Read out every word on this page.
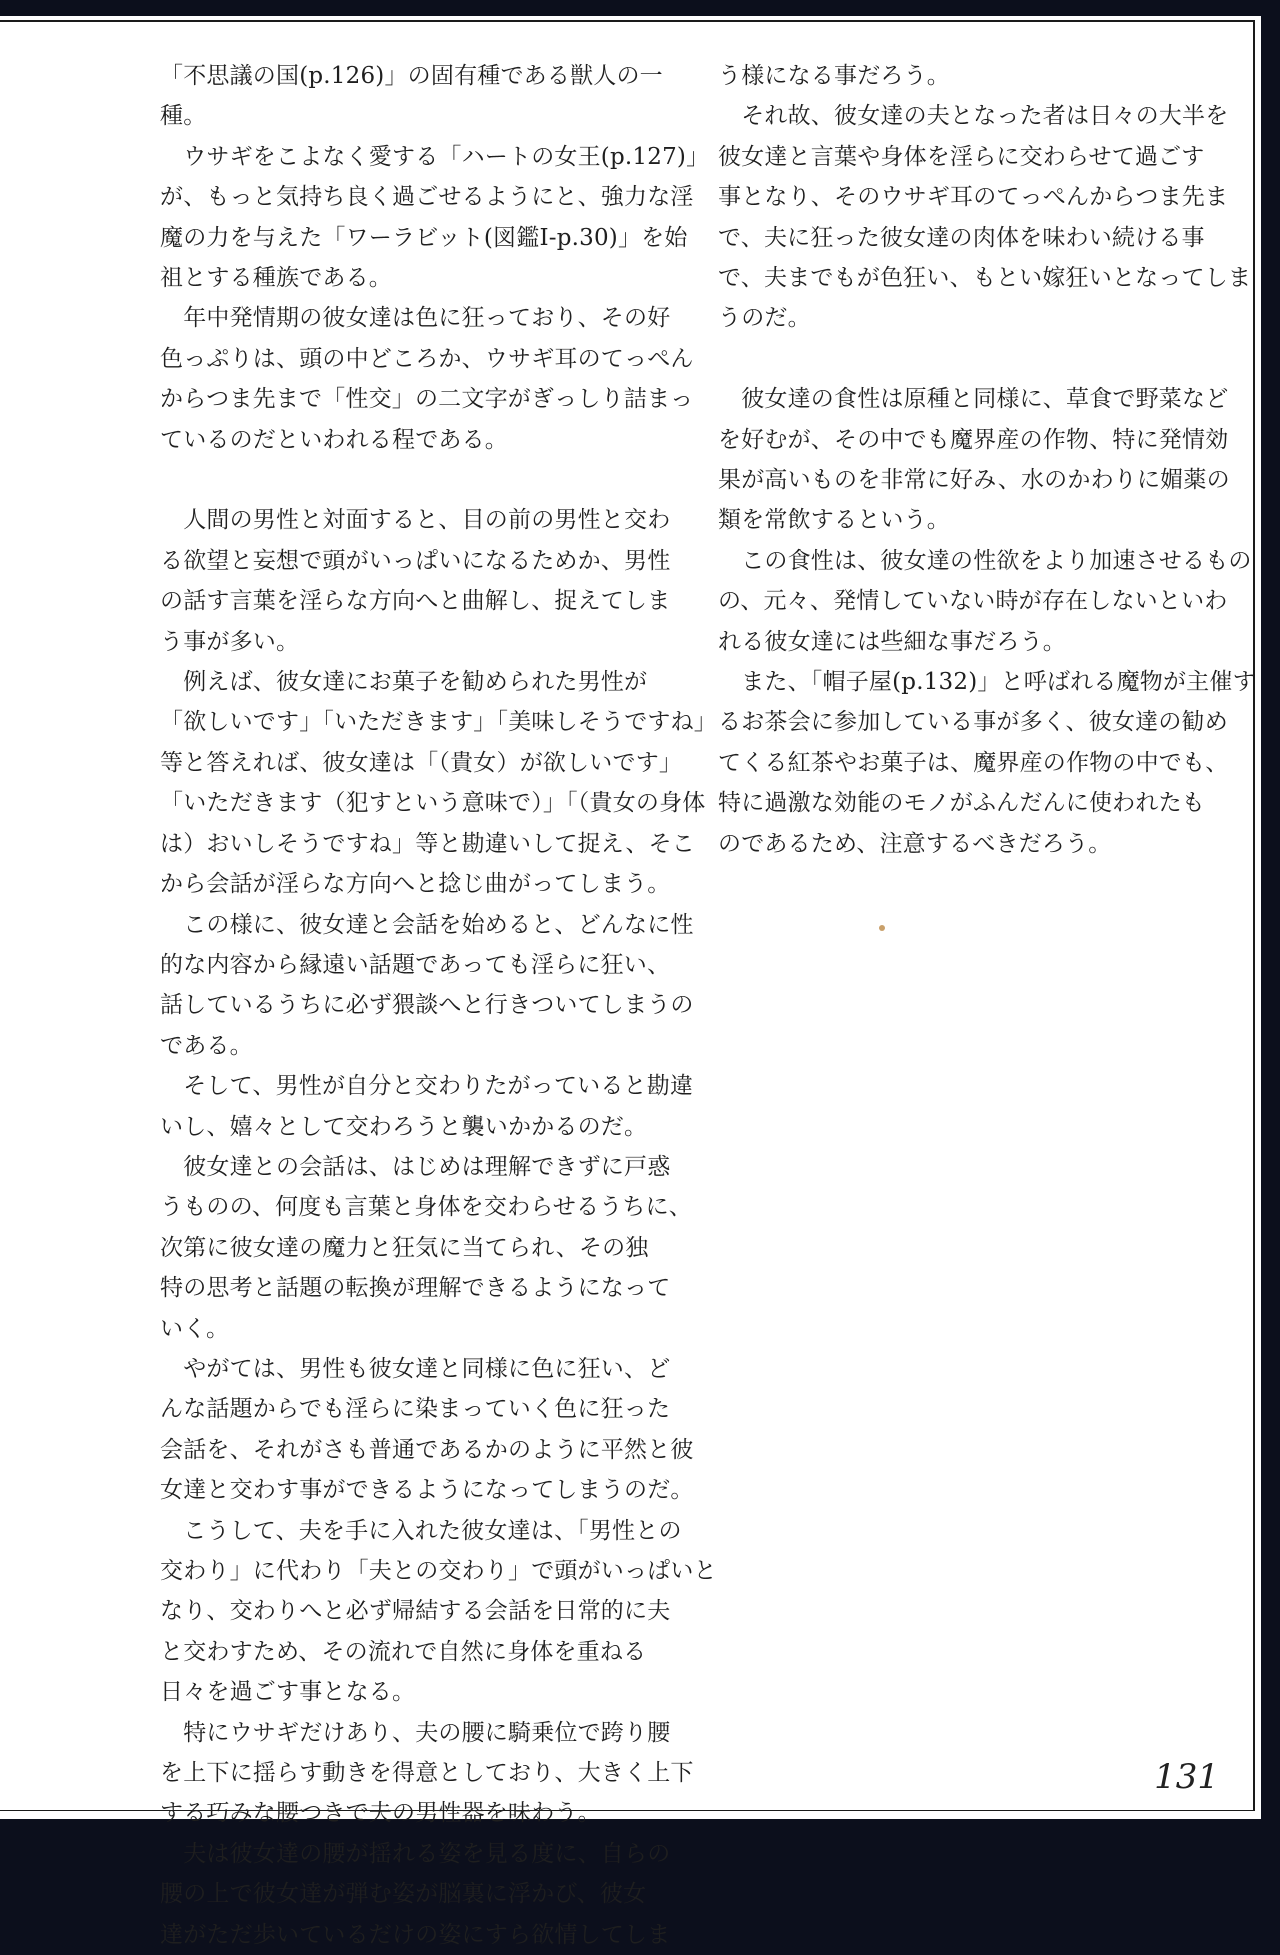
「不思議の国(p.126)」の固有種である獣人の一

種。

　ウサギをこよなく愛する「ハートの女王(p.127)」

が、もっと気持ち良く過ごせるようにと、強力な淫

魔の力を与えた「ワーラビット(図鑑Ⅰ-p.30)」を始

祖とする種族である。

　年中発情期の彼女達は色に狂っており、その好

色っぷりは、頭の中どころか、ウサギ耳のてっぺん

からつま先まで「性交」の二文字がぎっしり詰まっ

ているのだといわれる程である。

　人間の男性と対面すると、目の前の男性と交わ

る欲望と妄想で頭がいっぱいになるためか、男性

の話す言葉を淫らな方向へと曲解し、捉えてしま

う事が多い。

　例えば、彼女達にお菓子を勧められた男性が

「欲しいです」「いただきます」「美味しそうですね」

等と答えれば、彼女達は「（貴女）が欲しいです」

「いただきます（犯すという意味で）」「（貴女の身体

は）おいしそうですね」等と勘違いして捉え、そこ

から会話が淫らな方向へと捻じ曲がってしまう。

　この様に、彼女達と会話を始めると、どんなに性

的な内容から縁遠い話題であっても淫らに狂い、

話しているうちに必ず猥談へと行きついてしまうの

である。

　そして、男性が自分と交わりたがっていると勘違

いし、嬉々として交わろうと襲いかかるのだ。

　彼女達との会話は、はじめは理解できずに戸惑

うものの、何度も言葉と身体を交わらせるうちに、

次第に彼女達の魔力と狂気に当てられ、その独

特の思考と話題の転換が理解できるようになって

いく。

　やがては、男性も彼女達と同様に色に狂い、ど

んな話題からでも淫らに染まっていく色に狂った

会話を、それがさも普通であるかのように平然と彼

女達と交わす事ができるようになってしまうのだ。

　こうして、夫を手に入れた彼女達は、「男性との

交わり」に代わり「夫との交わり」で頭がいっぱいと

なり、交わりへと必ず帰結する会話を日常的に夫

と交わすため、その流れで自然に身体を重ねる

日々を過ごす事となる。

　特にウサギだけあり、夫の腰に騎乗位で跨り腰

を上下に揺らす動きを得意としており、大きく上下

する巧みな腰つきで夫の男性器を味わう。

　夫は彼女達の腰が揺れる姿を見る度に、自らの

腰の上で彼女達が弾む姿が脳裏に浮かび、彼女

達がただ歩いているだけの姿にすら欲情してしま

う様になる事だろう。

　それ故、彼女達の夫となった者は日々の大半を

彼女達と言葉や身体を淫らに交わらせて過ごす

事となり、そのウサギ耳のてっぺんからつま先ま

で、夫に狂った彼女達の肉体を味わい続ける事

で、夫までもが色狂い、もとい嫁狂いとなってしま

うのだ。

　彼女達の食性は原種と同様に、草食で野菜など

を好むが、その中でも魔界産の作物、特に発情効

果が高いものを非常に好み、水のかわりに媚薬の

類を常飲するという。

　この食性は、彼女達の性欲をより加速させるもの

の、元々、発情していない時が存在しないといわ

れる彼女達には些細な事だろう。

　また、「帽子屋(p.132)」と呼ばれる魔物が主催す

るお茶会に参加している事が多く、彼女達の勧め

てくる紅茶やお菓子は、魔界産の作物の中でも、

特に過激な効能のモノがふんだんに使われたも

のであるため、注意するべきだろう。

131
